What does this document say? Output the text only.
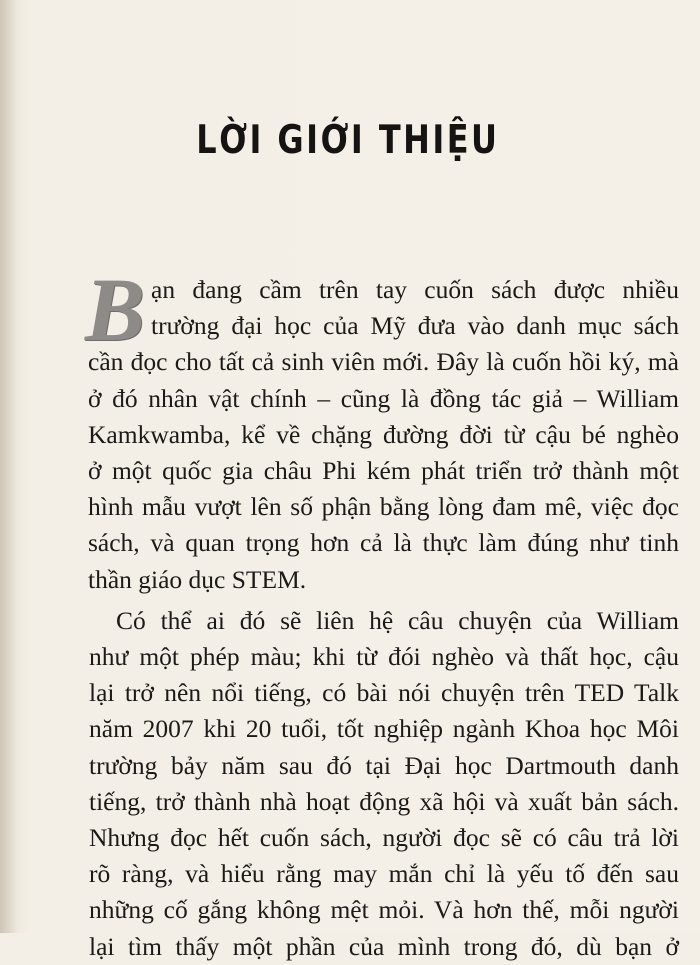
LỜI GIỚI THIỆU

B ạn đang cầm trên tay cuốn sách được nhiều
trường đại học của Mỹ đưa vào danh mục sách

cần đọc cho tất cả sinh viên mới. Đây là cuốn hồi ký, mà
ở đó nhân vật chính – cũng là đồng tác giả – William
Kamkwamba, kể về chặng đường đời từ cậu bé nghèo
ở một quốc gia châu Phi kém phát triển trở thành một
hình mẫu vượt lên số phận bằng lòng đam mê, việc đọc
sách, và quan trọng hơn cả là thực làm đúng như tinh
thần giáo dục STEM.

Có thể ai đó sẽ liên hệ câu chuyện của William
như một phép màu; khi từ đói nghèo và thất học, cậu
lại trở nên nổi tiếng, có bài nói chuyện trên TED Talk
năm 2007 khi 20 tuổi, tốt nghiệp ngành Khoa học Môi
trường bảy năm sau đó tại Đại học Dartmouth danh
tiếng, trở thành nhà hoạt động xã hội và xuất bản sách.
Nhưng đọc hết cuốn sách, người đọc sẽ có câu trả lời
rõ ràng, và hiểu rằng may mắn chỉ là yếu tố đến sau
những cố gắng không mệt mỏi. Và hơn thế, mỗi người
lại tìm thấy một phần của mình trong đó, dù bạn ở
